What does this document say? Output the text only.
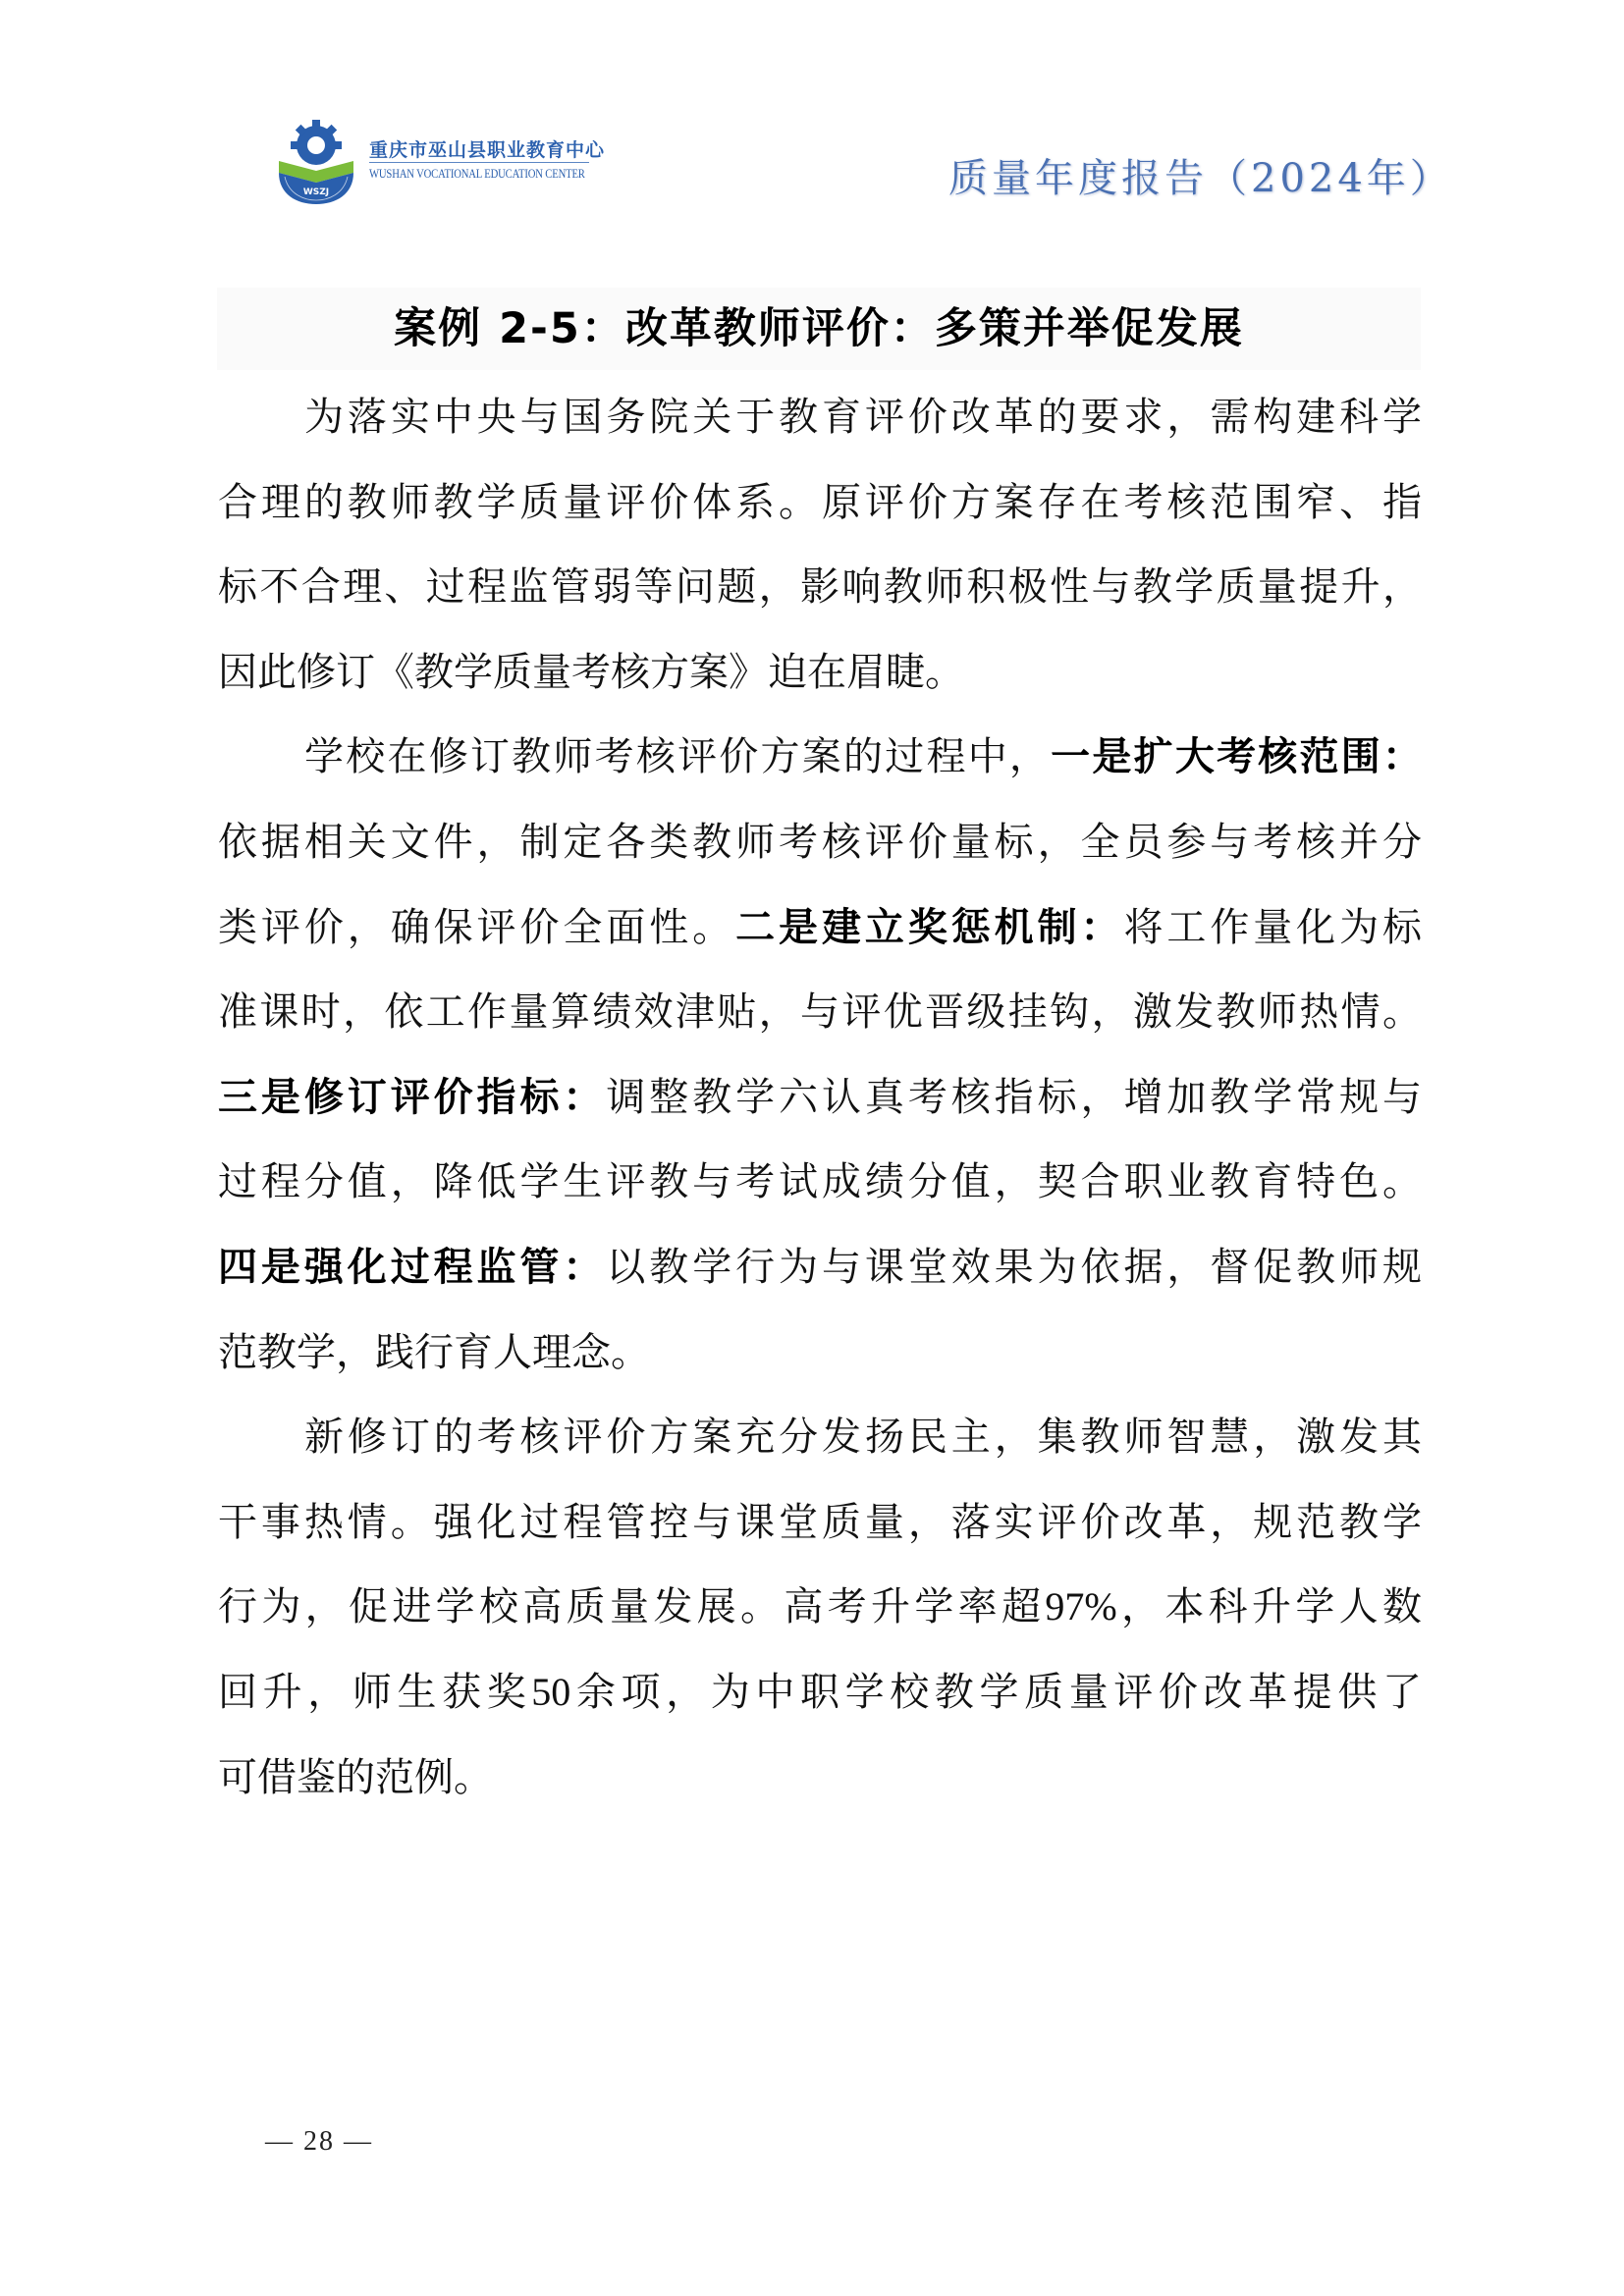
WSZJ
重庆市巫山县职业教育中心
WUSHAN VOCATIONAL EDUCATION CENTER	质量年度报告（2024年）
案例 2-5：改革教师评价：多策并举促发展
为落实中央与国务院关于教育评价改革的要求，需构建科学
合理的教师教学质量评价体系。原评价方案存在考核范围窄、指
标不合理、过程监管弱等问题，影响教师积极性与教学质量提升，
因此修订《教学质量考核方案》迫在眉睫。
学校在修订教师考核评价方案的过程中，一是扩大考核范围：
依据相关文件，制定各类教师考核评价量标，全员参与考核并分
类评价，确保评价全面性。二是建立奖惩机制：将工作量化为标
准课时，依工作量算绩效津贴，与评优晋级挂钩，激发教师热情。
三是修订评价指标：调整教学六认真考核指标，增加教学常规与
过程分值，降低学生评教与考试成绩分值，契合职业教育特色。
四是强化过程监管：以教学行为与课堂效果为依据，督促教师规
范教学，践行育人理念。
新修订的考核评价方案充分发扬民主，集教师智慧，激发其
干事热情。强化过程管控与课堂质量，落实评价改革，规范教学
行为，促进学校高质量发展。高考升学率超97%，本科升学人数
回升，师生获奖50余项，为中职学校教学质量评价改革提供了
可借鉴的范例。
— 28 —
